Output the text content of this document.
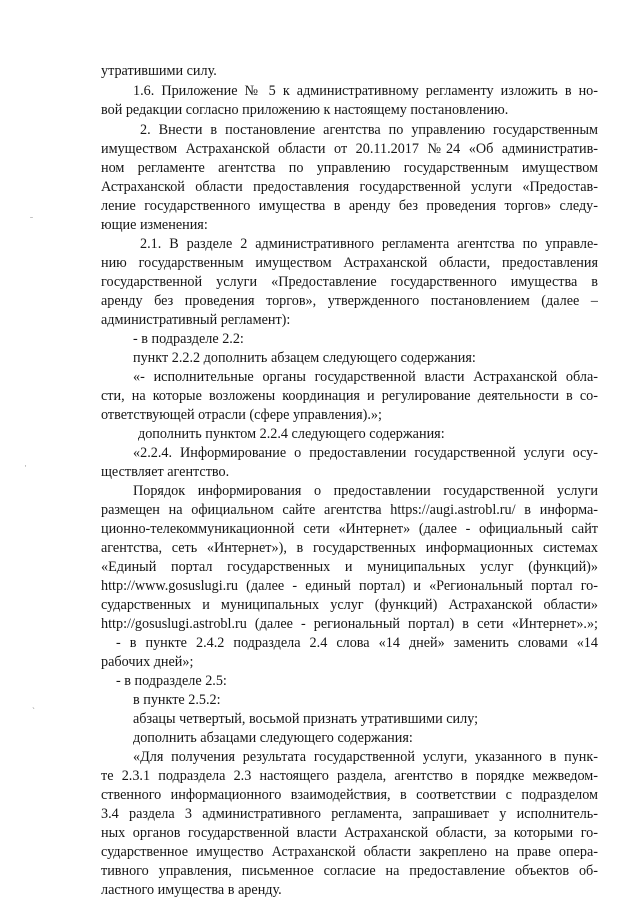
утратившими силу.
1.6. Приложение № 5 к административному регламенту изложить в но-
вой редакции согласно приложению к настоящему постановлению.
2. Внести в постановление агентства по управлению государственным
имуществом Астраханской области от 20.11.2017 №24 «Об административ-
ном регламенте агентства по управлению государственным имуществом
Астраханской области предоставления государственной услуги «Предостав-
ление государственного имущества в аренду без проведения торгов» следу-
ющие изменения:
2.1. В разделе 2 административного регламента агентства по управле-
нию государственным имуществом Астраханской области, предоставления
государственной услуги «Предоставление государственного имущества в
аренду без проведения торгов», утвержденного постановлением (далее –
административный регламент):
- в подразделе 2.2:
пункт 2.2.2 дополнить абзацем следующего содержания:
«- исполнительные органы государственной власти Астраханской обла-
сти, на которые возложены координация и регулирование деятельности в со-
ответствующей отрасли (сфере управления).»;
дополнить пунктом 2.2.4 следующего содержания:
«2.2.4. Информирование о предоставлении государственной услуги осу-
ществляет агентство.
Порядок информирования о предоставлении государственной услуги
размещен на официальном сайте агентства https://augi.astrobl.ru/ в информа-
ционно-телекоммуникационной сети «Интернет» (далее - официальный сайт
агентства, сеть «Интернет»), в государственных информационных системах
«Единый портал государственных и муниципальных услуг (функций)»
http://www.gosuslugi.ru (далее - единый портал) и «Региональный портал го-
сударственных и муниципальных услуг (функций) Астраханской области»
http://gosuslugi.astrobl.ru (далее - региональный портал) в сети «Интернет».»;
- в пункте 2.4.2 подраздела 2.4 слова «14 дней» заменить словами «14
рабочих дней»;
- в подразделе 2.5:
в пункте 2.5.2:
абзацы четвертый, восьмой признать утратившими силу;
дополнить абзацами следующего содержания:
«Для получения результата государственной услуги, указанного в пунк-
те 2.3.1 подраздела 2.3 настоящего раздела, агентство в порядке межведом-
ственного информационного взаимодействия, в соответствии с подразделом
3.4 раздела 3 административного регламента, запрашивает у исполнитель-
ных органов государственной власти Астраханской области, за которыми го-
сударственное имущество Астраханской области закреплено на праве опера-
тивного управления, письменное согласие на предоставление объектов об-
ластного имущества в аренду.
˗
·
ˎ
